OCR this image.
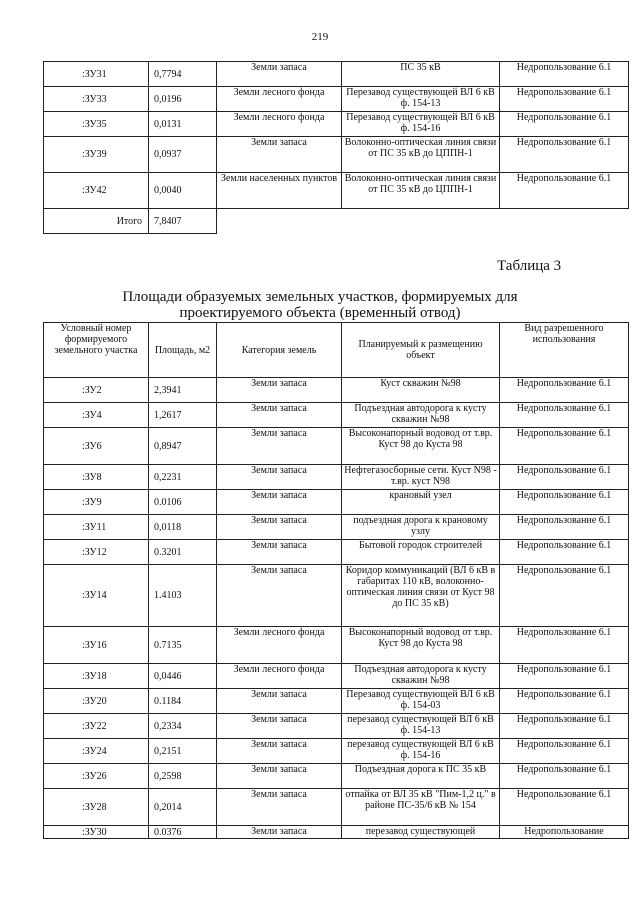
219
:ЗУ31	0,7794	Земли запаса	ПС 35 кВ	Недропользование 6.1
:ЗУ33	0,0196	Земли лесного фонда	Перезавод существующей ВЛ 6 кВ ф. 154-13	Недропользование 6.1
:ЗУ35	0,0131	Земли лесного фонда	Перезавод существующей ВЛ 6 кВ ф. 154-16	Недропользование 6.1
:ЗУ39	0,0937	Земли запаса	Волоконно-оптическая линия связи от ПС 35 кВ до ЦППН-1	Недропользование 6.1
:ЗУ42	0,0040	Земли населенных пунктов	Волоконно-оптическая линия связи от ПС 35 кВ до ЦППН-1	Недропользование 6.1
Итого	7,8407			
Таблица 3
Площади образуемых земельных участков, формируемых для
проектируемого объекта (временный отвод)
Условный номер формируемого земельного участка	Площадь, м2	Категория земель	Планируемый к размещению объект	Вид разрешенного использования
:ЗУ2	2,3941	Земли запаса	Куст скважин №98	Недропользование 6.1
:ЗУ4	1,2617	Земли запаса	Подъездная автодорога к кусту скважин №98	Недропользование 6.1
:ЗУ6	0,8947	Земли запаса	Высоконапорный водовод от т.вр. Куст 98 до Куста 98	Недропользование 6.1
:ЗУ8	0,2231	Земли запаса	Нефтегазосборные сети. Куст N98 - т.вр. куст N98	Недропользование 6.1
:ЗУ9	0.0106	Земли запаса	крановый узел	Недропользование 6.1
:ЗУ11	0,0118	Земли запаса	подъездная дорога к крановому узлу	Недропользование 6.1
:ЗУ12	0.3201	Земли запаса	Бытовой городок строителей	Недропользование 6.1
:ЗУ14	1.4103	Земли запаса	Коридор коммуникаций (ВЛ 6 кВ в габаритах 110 кВ, волоконно-оптическая линия связи от Куст 98 до ПС 35 кВ)	Недропользование 6.1
:ЗУ16	0.7135	Земли лесного фонда	Высоконапорный водовод от т.вр. Куст 98 до Куста 98	Недропользование 6.1
:ЗУ18	0,0446	Земли лесного фонда	Подъездная автодорога к кусту скважин №98	Недропользование 6.1
:ЗУ20	0.1184	Земли запаса	Перезавод существующей ВЛ 6 кВ ф. 154-03	Недропользование 6.1
:ЗУ22	0,2334	Земли запаса	перезавод существующей ВЛ 6 кВ ф. 154-13	Недропользование 6.1
:ЗУ24	0,2151	Земли запаса	перезавод существующей ВЛ 6 кВ ф. 154-16	Недропользование 6.1
:ЗУ26	0,2598	Земли запаса	Подъездная дорога к ПС 35 кВ	Недропользование 6.1
:ЗУ28	0,2014	Земли запаса	отпайка от ВЛ 35 кВ "Пим-1,2 ц." в районе ПС-35/6 кВ № 154	Недропользование 6.1
:ЗУ30	0.0376	Земли запаса	перезавод существующей	Недропользование
